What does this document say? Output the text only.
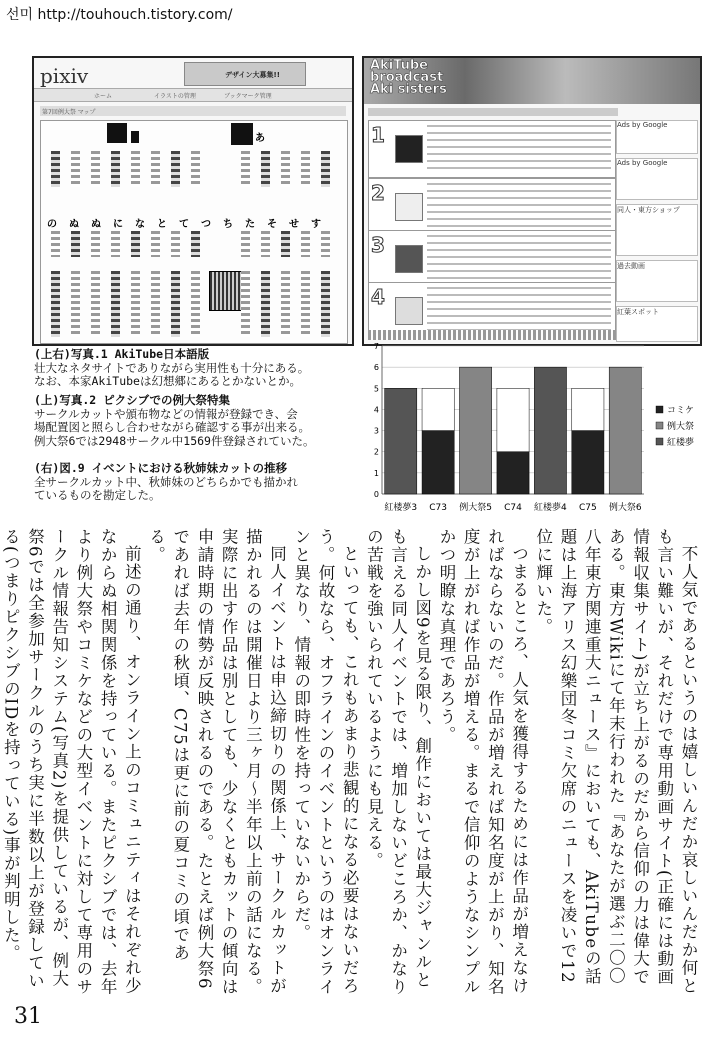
선미 http://touhouch.tistory.com/
pixiv	デザイン大募集!!
ホーム	イラストの管理	ブックマーク管理
第7回例大祭 マップ
の ぬ ぬ に な と て つ ち た そ せ す
あ
AkiTube
broadcast
Aki sisters
1
2
3
4
Ads by Google
Ads by Google
同人・東方ショップ
過去動画
紅葉スポット
(上右)写真.1 AkiTube日本語版
壮大なネタサイトでありながら実用性も十分にある。
なお、本家AkiTubeは幻想郷にあるとかないとか。
(上)写真.2 ピクシブでの例大祭特集
サークルカットや頒布物などの情報が登録でき、会
場配置図と照らし合わせながら確認する事が出来る。
例大祭6では2948サークル中1569件登録されていた。
(右)図.9 イベントにおける秋姉妹カットの推移
全サークルカット中、秋姉妹のどちらかでも描かれ
ているものを勘定した。	0
1
2
3
4
5
6
7
紅楼夢3 C73 例大祭5 C74 紅楼夢4 C75 例大祭6
コミケ
例大祭
紅楼夢

不人気であるというのは嬉しいんだか哀しいんだか何とも言い難いが、それだけで専用動画サイト(正確には動画情報収集サイト)が立ち上がるのだから信仰の力は偉大である。東方Wikiにて年末行われた『あなたが選ぶ二〇〇八年東方関連重大ニュース』においても、AkiTubeの話題は上海アリス幻樂団冬コミ欠席のニュースを凌いで12位に輝いた。

つまるところ、人気を獲得するためには作品が増えなければならないのだ。作品が増えれば知名度が上がり、知名度が上がれば作品が増える。まるで信仰のようなシンプルかつ明瞭な真理であろう。

しかし図9を見る限り、創作においては最大ジャンルとも言える同人イベントでは、増加しないどころか、かなりの苦戦を強いられているようにも見える。

といっても、これもあまり悲観的になる必要はないだろう。何故なら、オフラインのイベントというのはオンラインと異なり、情報の即時性を持っていないからだ。

同人イベントは申込締切りの関係上、サークルカットが描かれるのは開催日より三ヶ月〜半年以上前の話になる。実際に出す作品は別としても、少なくともカットの傾向は申請時期の情勢が反映されるのである。たとえば例大祭6であれば去年の秋頃、C75は更に前の夏コミの頃である。

前述の通り、オンライン上のコミュニティはそれぞれ少なからぬ相関関係を持っている。またピクシブでは、去年より例大祭やコミケなどの大型イベントに対して専用のサークル情報告知システム(写真2)を提供しているが、例大祭6では全参加サークルのうち実に半数以上が登録している(つまりピクシブのIDを持っている)事が判明した。

31
